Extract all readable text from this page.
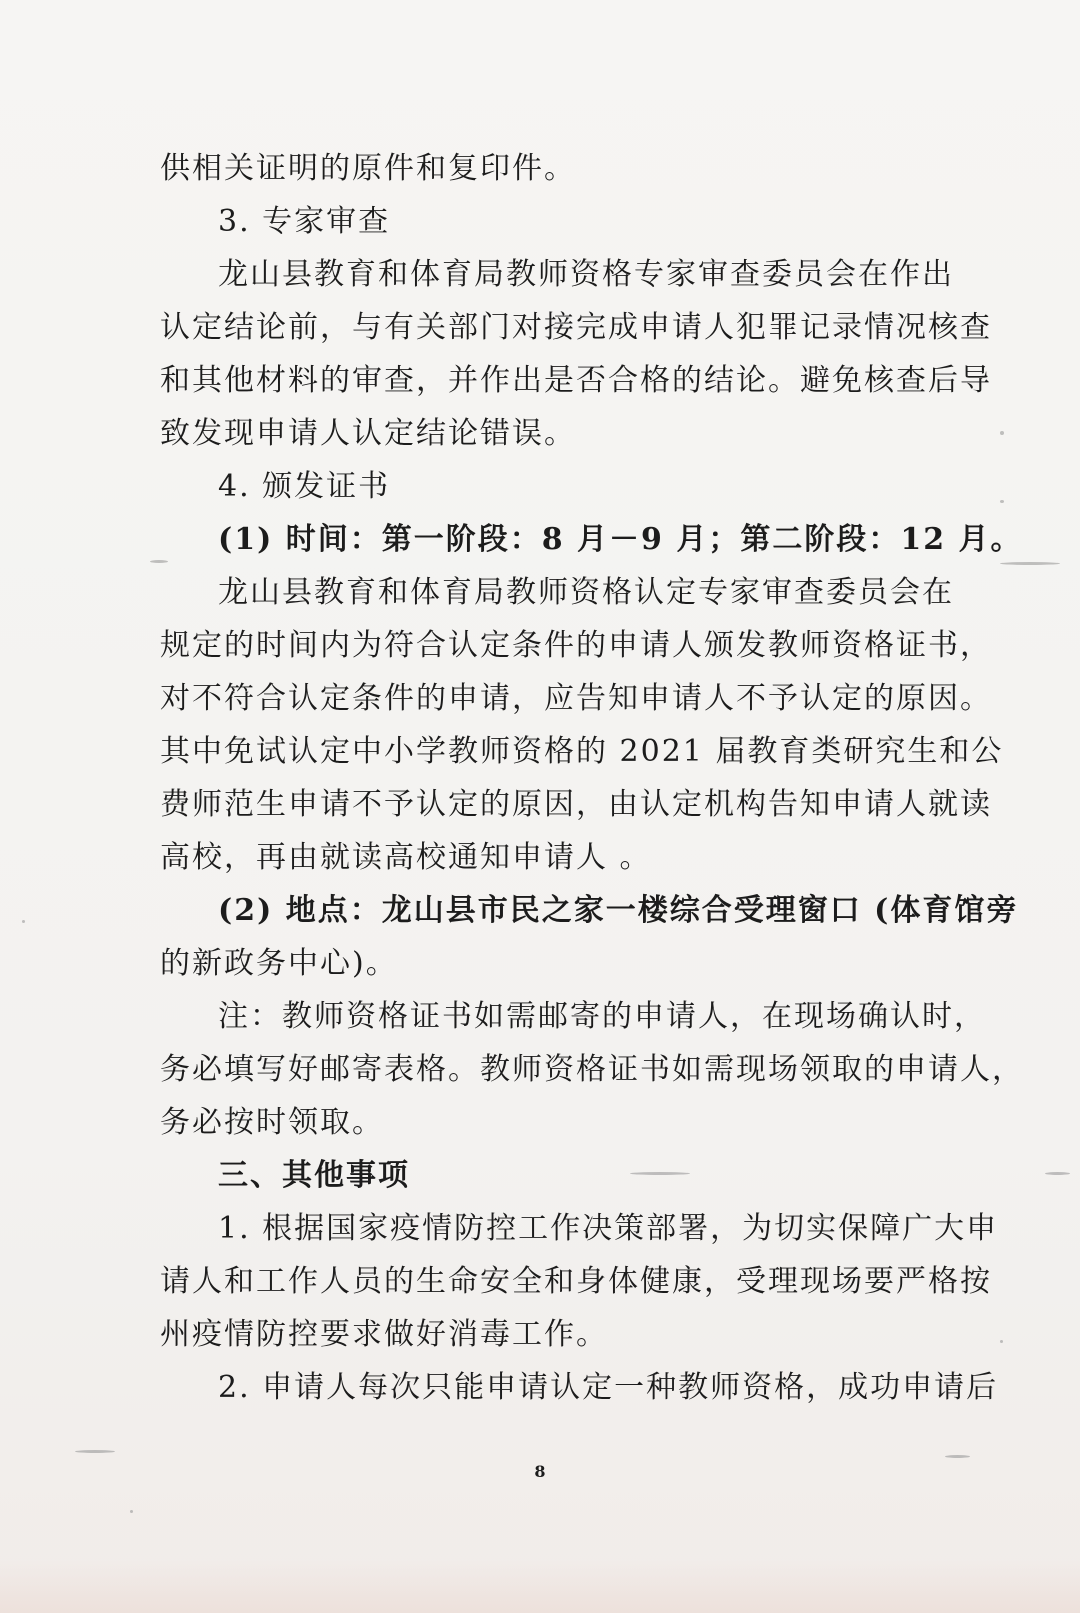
供相关证明的原件和复印件。
3. 专家审查
龙山县教育和体育局教师资格专家审查委员会在作出
认定结论前，与有关部门对接完成申请人犯罪记录情况核查
和其他材料的审查，并作出是否合格的结论。避免核查后导
致发现申请人认定结论错误。
4. 颁发证书
(1) 时间：第一阶段：8 月－9 月；第二阶段：12 月。
龙山县教育和体育局教师资格认定专家审查委员会在
规定的时间内为符合认定条件的申请人颁发教师资格证书，
对不符合认定条件的申请，应告知申请人不予认定的原因。
其中免试认定中小学教师资格的 2021 届教育类研究生和公
费师范生申请不予认定的原因，由认定机构告知申请人就读
高校，再由就读高校通知申请人 。
(2) 地点：龙山县市民之家一楼综合受理窗口 (体育馆旁
的新政务中心)。
注：教师资格证书如需邮寄的申请人，在现场确认时，
务必填写好邮寄表格。教师资格证书如需现场领取的申请人，
务必按时领取。
三、其他事项
1. 根据国家疫情防控工作决策部署，为切实保障广大申
请人和工作人员的生命安全和身体健康，受理现场要严格按
州疫情防控要求做好消毒工作。
2. 申请人每次只能申请认定一种教师资格，成功申请后
8
